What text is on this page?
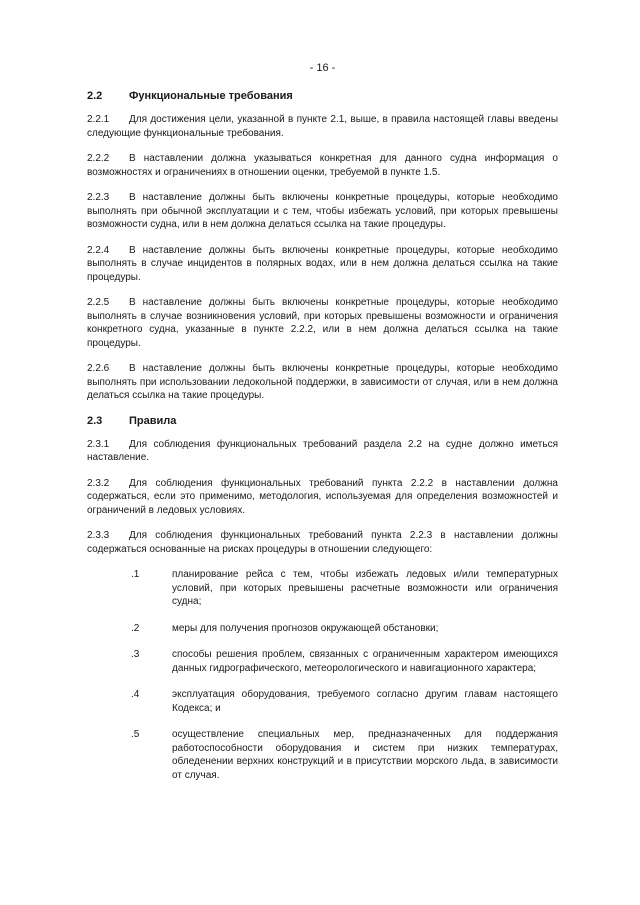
- 16 -
2.2	Функциональные требования

2.2.1 Для достижения цели, указанной в пункте 2.1, выше, в правила настоящей главы введены следующие функциональные требования.

2.2.2 В наставлении должна указываться конкретная для данного судна информация о возможностях и ограничениях в отношении оценки, требуемой в пункте 1.5.

2.2.3 В наставление должны быть включены конкретные процедуры, которые необходимо выполнять при обычной эксплуатации и с тем, чтобы избежать условий, при которых превышены возможности судна, или в нем должна делаться ссылка на такие процедуры.

2.2.4 В наставление должны быть включены конкретные процедуры, которые необходимо выполнять в случае инцидентов в полярных водах, или в нем должна делаться ссылка на такие процедуры.

2.2.5 В наставление должны быть включены конкретные процедуры, которые необходимо выполнять в случае возникновения условий, при которых превышены возможности и ограничения конкретного судна, указанные в пункте 2.2.2, или в нем должна делаться ссылка на такие процедуры.

2.2.6 В наставление должны быть включены конкретные процедуры, которые необходимо выполнять при использовании ледокольной поддержки, в зависимости от случая, или в нем должна делаться ссылка на такие процедуры.

2.3	Правила

2.3.1 Для соблюдения функциональных требований раздела 2.2 на судне должно иметься наставление.

2.3.2 Для соблюдения функциональных требований пункта 2.2.2 в наставлении должна содержаться, если это применимо, методология, используемая для определения возможностей и ограничений в ледовых условиях.

2.3.3 Для соблюдения функциональных требований пункта 2.2.3 в наставлении должны содержаться основанные на рисках процедуры в отношении следующего:

.1	планирование рейса с тем, чтобы избежать ледовых и/или температурных условий, при которых превышены расчетные возможности или ограничения судна;
.2	меры для получения прогнозов окружающей обстановки;
.3	способы решения проблем, связанных с ограниченным характером имеющихся данных гидрографического, метеорологического и навигационного характера;
.4	эксплуатация оборудования, требуемого согласно другим главам настоящего Кодекса; и
.5	осуществление специальных мер, предназначенных для поддержания работоспособности оборудования и систем при низких температурах, обледенении верхних конструкций и в присутствии морского льда, в зависимости от случая.
